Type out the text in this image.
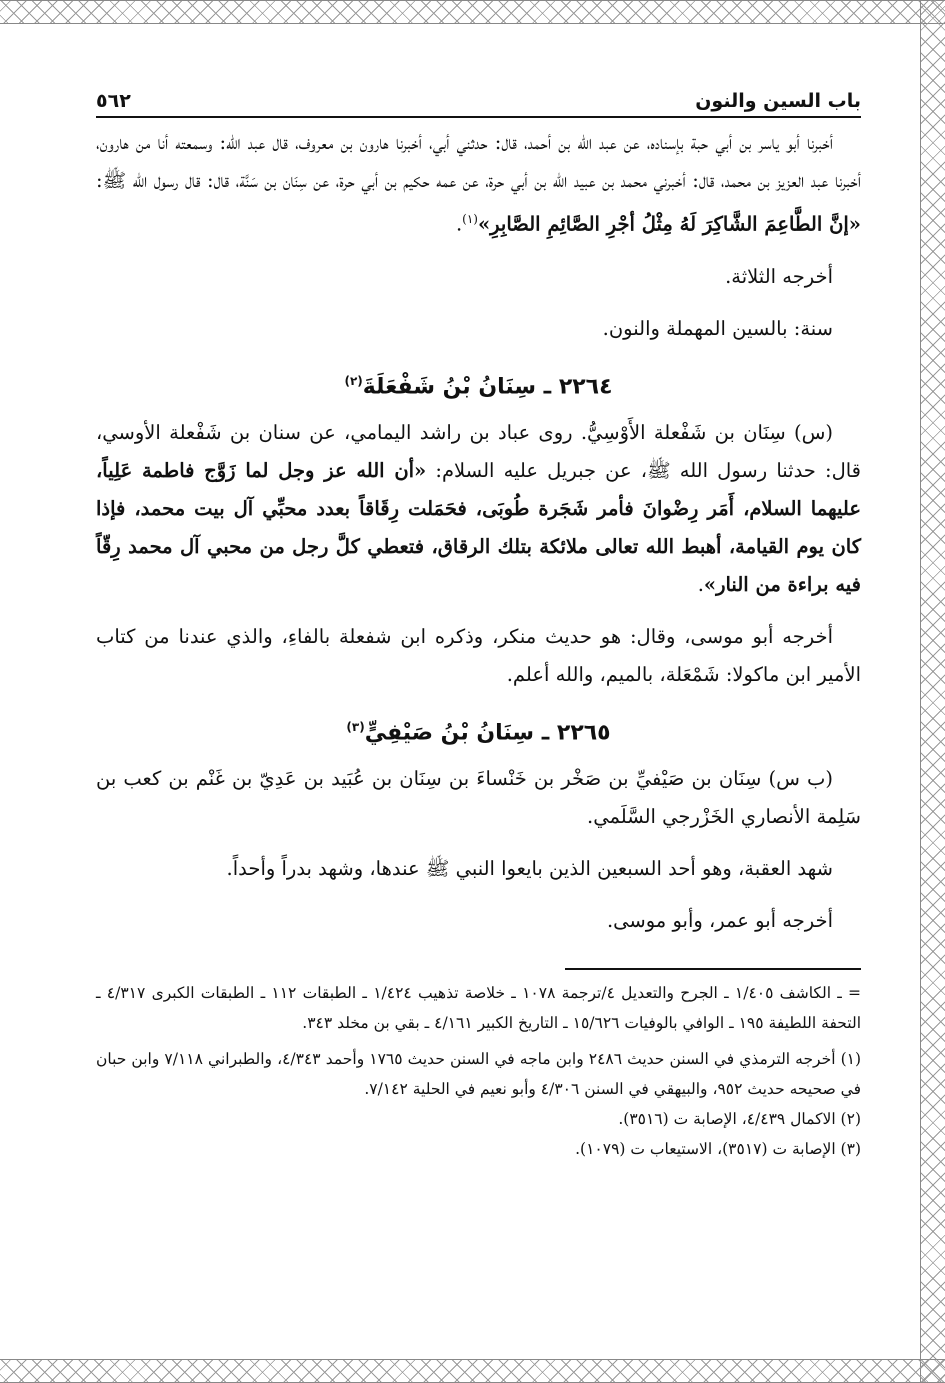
باب السين والنون
٥٦٢

أخبرنا أبو ياسر بن أبي حبة بإسناده، عن عبد الله بن أحمد، قال: حدثني أبي، أخبرنا هارون بن معروف، قال عبد الله: وسمعته أنا من هارون، أخبرنا عبد العزيز بن محمد، قال: أخبرني محمد بن عبيد الله بن أبي حرة، عن عمه حكيم بن أبي حرة، عن سِنَان بن سَنَّة، قال: قال رسول الله ﷺ: «إنَّ الطَّاعِمَ الشَّاكِرَ لَهُ مِثْلُ أجْرِ الصَّائِمِ الصَّابِرِ»$^{(١)}$.

أخرجه الثلاثة.

سنة: بالسين المهملة والنون.

٢٢٦٤ ـ سِنَانُ بْنُ شَفْعَلَةَ$^{(٢)}$

(س) سِنَان بن شَفْعلة الأَوْسِيُّ. روى عباد بن راشد اليمامي، عن سنان بن شَفْعلة الأوسي، قال: حدثنا رسول الله ﷺ، عن جبريل عليه السلام: «أن الله عز وجل لما زَوَّج فاطمة عَلِياً، عليهما السلام، أَمَر رِضْوانَ فأمر شَجَرة طُوبَى، فحَمَلت رِقَاقاً بعدد محبِّي آل بيت محمد، فإذا كان يوم القيامة، أهبط الله تعالى ملائكة بتلك الرقاق، فتعطي كلَّ رجل من محبي آل محمد رِقّاً فيه براءة من النار».

أخرجه أبو موسى، وقال: هو حديث منكر، وذكره ابن شفعلة بالفاءِ، والذي عندنا من كتاب الأمير ابن ماكولا: شَمْعَلة، بالميم، والله أعلم.

٢٢٦٥ ـ سِنَانُ بْنُ صَيْفِيٍّ$^{(٣)}$

(ب س) سِنَان بن صَيْفيِّ بن صَخْر بن خَنْساءَ بن سِنَان بن عُبَيد بن عَدِيّ بن غَنْم بن كعب بن سَلِمة الأنصاري الخَزْرجي السَّلَمي.

شهد العقبة، وهو أحد السبعين الذين بايعوا النبي ﷺ عندها، وشهد بدراً وأحداً.

أخرجه أبو عمر، وأبو موسى.

= ـ الكاشف ١/٤٠٥ ـ الجرح والتعديل ٤/ترجمة ١٠٧٨ ـ خلاصة تذهيب ١/٤٢٤ ـ الطبقات ١١٢ ـ الطبقات الكبرى ٤/٣١٧ ـ التحفة اللطيفة ١٩٥ ـ الوافي بالوفيات ١٥/٦٢٦ ـ التاريخ الكبير ٤/١٦١ ـ بقي بن مخلد ٣٤٣.

(١) أخرجه الترمذي في السنن حديث ٢٤٨٦ وابن ماجه في السنن حديث ١٧٦٥ وأحمد ٤/٣٤٣، والطبراني ٧/١١٨ وابن حبان في صحيحه حديث ٩٥٢، والبيهقي في السنن ٤/٣٠٦ وأبو نعيم في الحلية ٧/١٤٢.

(٢) الاكمال ٤/٤٣٩، الإصابة ت (٣٥١٦).

(٣) الإصابة ت (٣٥١٧)، الاستيعاب ت (١٠٧٩).
